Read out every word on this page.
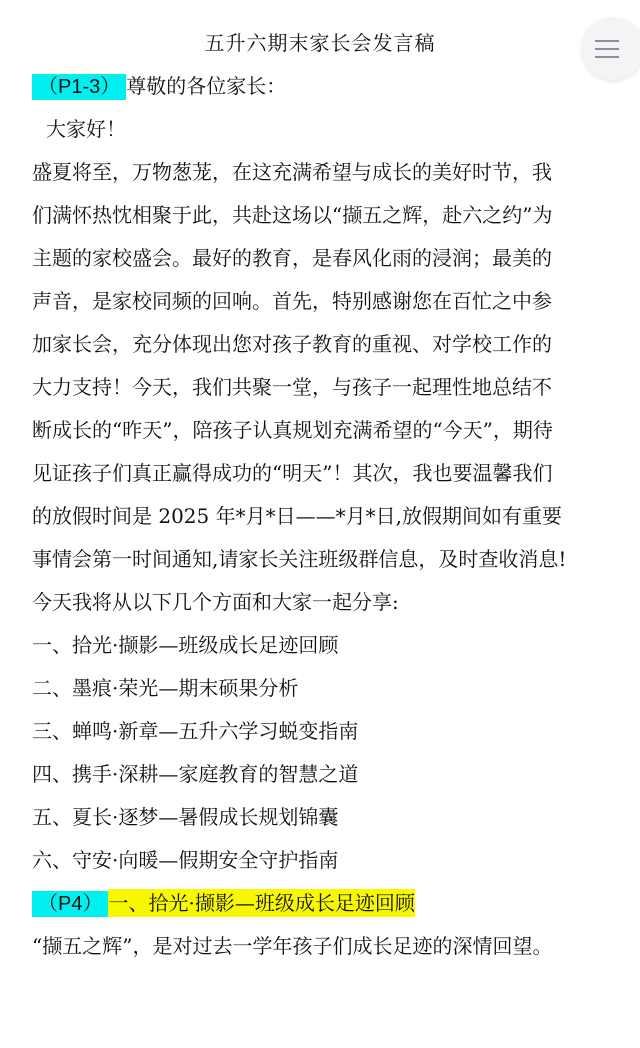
五升六期末家长会发言稿
（P1-3） 尊敬的各位家长：
大家好！
盛夏将至，万物葱茏，在这充满希望与成长的美好时节，我
们满怀热忱相聚于此，共赴这场以“撷五之辉，赴六之约”为
主题的家校盛会。最好的教育，是春风化雨的浸润；最美的
声音，是家校同频的回响。首先，特别感谢您在百忙之中参
加家长会，充分体现出您对孩子教育的重视、对学校工作的
大力支持！今天，我们共聚一堂，与孩子一起理性地总结不
断成长的“昨天”，陪孩子认真规划充满希望的“今天”，期待
见证孩子们真正赢得成功的“明天”！其次，我也要温馨我们
的放假时间是 2025 年*月*日——*月*日,放假期间如有重要
事情会第一时间通知,请家长关注班级群信息，及时查收消息!
今天我将从以下几个方面和大家一起分享:
一、拾光·撷影—班级成长足迹回顾
二、墨痕·荣光—期末硕果分析
三、蝉鸣·新章—五升六学习蜕变指南
四、携手·深耕—家庭教育的智慧之道
五、夏长·逐梦—暑假成长规划锦囊
六、守安·向暖—假期安全守护指南
（P4） 一、拾光·撷影—班级成长足迹回顾
“撷五之辉”，是对过去一学年孩子们成长足迹的深情回望。
